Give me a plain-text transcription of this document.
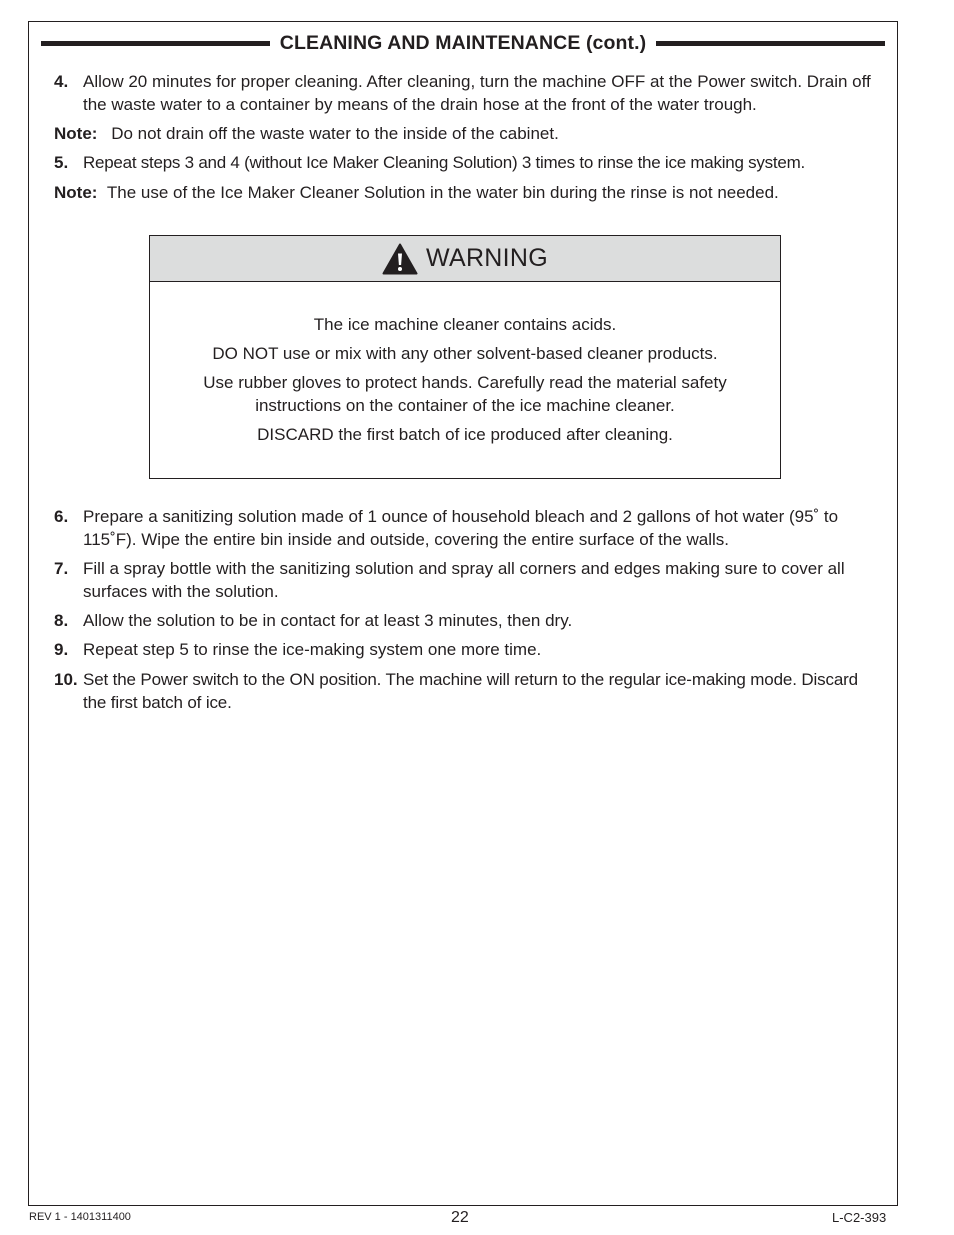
CLEANING AND MAINTENANCE (cont.)
4. Allow 20 minutes for proper cleaning. After cleaning, turn the machine OFF at the Power switch. Drain off the waste water to a container by means of the drain hose at the front of the water trough.
Note: Do not drain off the waste water to the inside of the cabinet.
5. Repeat steps 3 and 4 (without Ice Maker Cleaning Solution) 3 times to rinse the ice making system.
Note: The use of the Ice Maker Cleaner Solution in the water bin during the rinse is not needed.
WARNING

The ice machine cleaner contains acids.

DO NOT use or mix with any other solvent-based cleaner products.

Use rubber gloves to protect hands. Carefully read the material safety instructions on the container of the ice machine cleaner.

DISCARD the first batch of ice produced after cleaning.

6. Prepare a sanitizing solution made of 1 ounce of household bleach and 2 gallons of hot water (95˚ to 115˚F). Wipe the entire bin inside and outside, covering the entire surface of the walls.
7. Fill a spray bottle with the sanitizing solution and spray all corners and edges making sure to cover all surfaces with the solution.
8. Allow the solution to be in contact for at least 3 minutes, then dry.
9. Repeat step 5 to rinse the ice-making system one more time.
10. Set the Power switch to the ON position. The machine will return to the regular ice-making mode. Discard the first batch of ice.
REV 1 - 1401311400	22	L-C2-393
